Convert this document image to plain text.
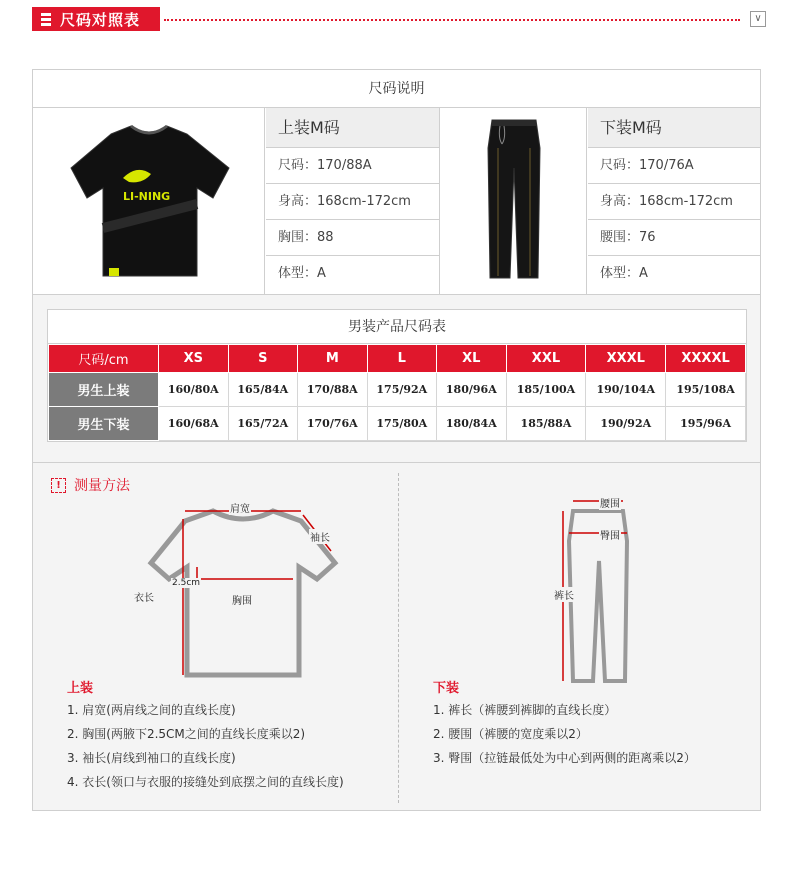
尺码对照表	∨
尺码说明
LI-NING
上装M码
尺码：170/88A
身高：168cm-172cm
胸围：88
体型：A
下装M码
尺码：170/76A
身高：168cm-172cm
腰围：76
体型：A
男装产品尺码表
尺码/cm	XS	S	M	L	XL	XXL	XXXL	XXXXL
男生上装	160/80A	165/84A	170/88A	175/92A	180/96A	185/100A	190/104A	195/108A
男生下装	160/68A	165/72A	170/76A	175/80A	180/84A	185/88A	190/92A	195/96A
! 测量方法
肩宽
袖长
衣长
2.5cm
胸围
腰围
臀围
裤长
上装
1. 肩宽(两肩线之间的直线长度)
2. 胸围(两腋下2.5CM之间的直线长度乘以2)
3. 袖长(肩线到袖口的直线长度)
4. 衣长(领口与衣服的接缝处到底摆之间的直线长度)
下装
1. 裤长（裤腰到裤脚的直线长度）
2. 腰围（裤腰的宽度乘以2）
3. 臀围（拉链最低处为中心到两侧的距离乘以2）
